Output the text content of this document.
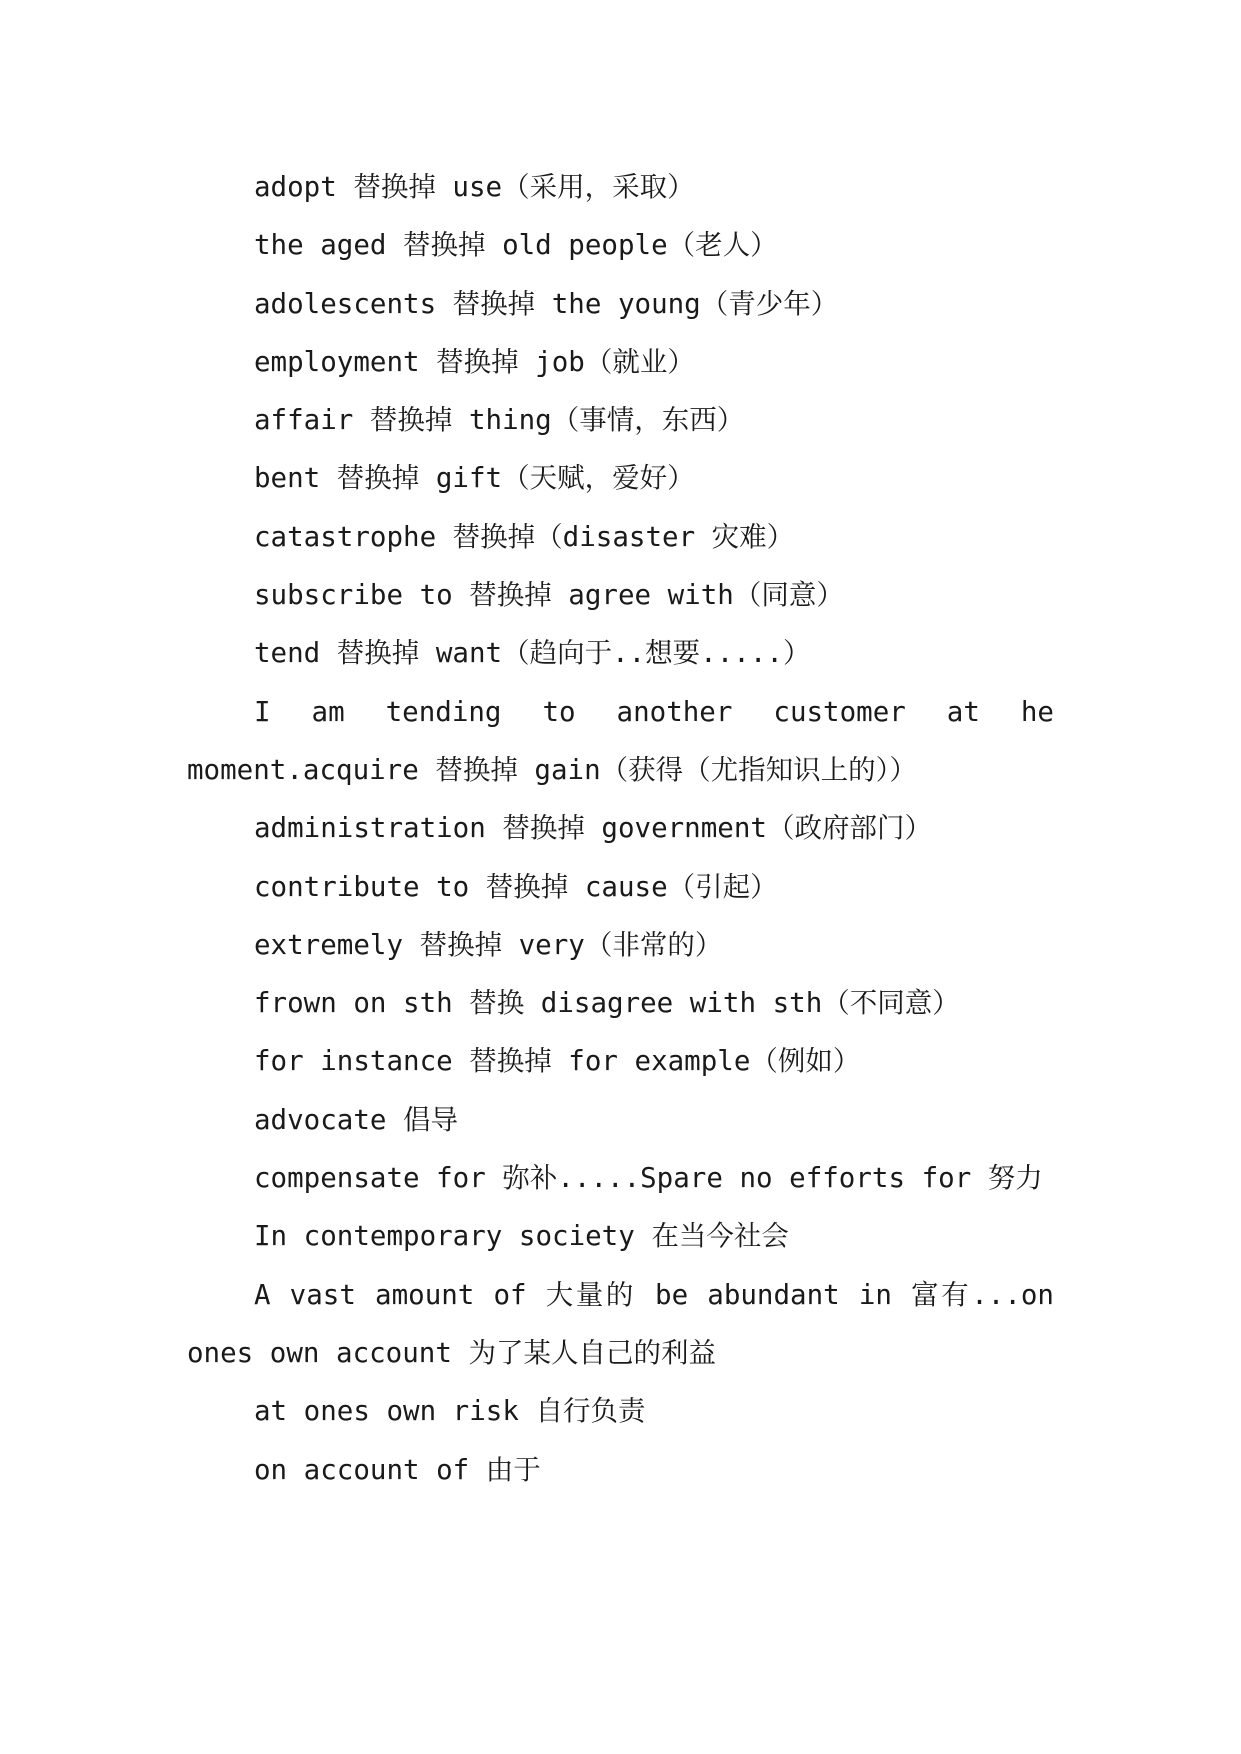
adopt 替换掉 use（采用，采取）

the aged 替换掉 old people（老人）

adolescents 替换掉 the young（青少年）

employment 替换掉 job（就业）

affair 替换掉 thing（事情，东西）

bent 替换掉 gift（天赋，爱好）

catastrophe 替换掉（disaster 灾难）

subscribe to 替换掉 agree with（同意）

tend 替换掉 want（趋向于..想要.....）

I am tending to another customer at he moment.acquire 替换掉 gain（获得（尤指知识上的））

administration 替换掉 government（政府部门）

contribute to 替换掉 cause（引起）

extremely 替换掉 very（非常的）

frown on sth 替换 disagree with sth（不同意）

for instance 替换掉 for example（例如）

advocate 倡导

compensate for 弥补.....Spare no efforts for 努力

In contemporary society 在当今社会

A vast amount of 大量的 be abundant in 富有...on ones own account 为了某人自己的利益

at ones own risk 自行负责

on account of 由于
